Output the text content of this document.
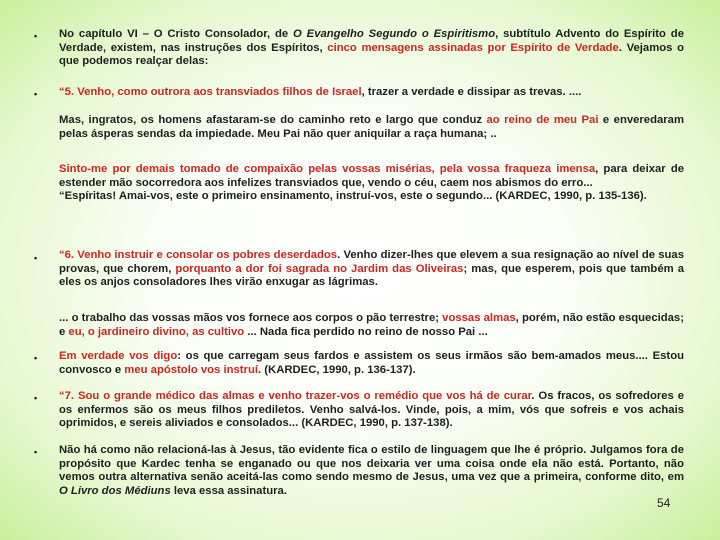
•	No capítulo VI – O Cristo Consolador, de O Evangelho Segundo o Espiritismo, subtítulo Advento do Espírito de Verdade, existem, nas instruções dos Espíritos, cinco mensagens assinadas por Espírito de Verdade. Vejamos o que podemos realçar delas:

•	“5. Venho, como outrora aos transviados filhos de Israel, trazer a verdade e dissipar as trevas. ....

Mas, ingratos, os homens afastaram-se do caminho reto e largo que conduz ao reino de meu Pai e enveredaram pelas ásperas sendas da impiedade. Meu Pai não quer aniquilar a raça humana; ..

Sinto-me por demais tomado de compaixão pelas vossas misérias, pela vossa fraqueza imensa, para deixar de estender mão socorredora aos infelizes transviados que, vendo o céu, caem nos abismos do erro...
“Espíritas! Amai-vos, este o primeiro ensinamento, instruí-vos, este o segundo... (KARDEC, 1990, p. 135-136).

•	“6. Venho instruir e consolar os pobres deserdados. Venho dizer-lhes que elevem a sua resignação ao nível de suas provas, que chorem, porquanto a dor foi sagrada no Jardim das Oliveiras; mas, que esperem, pois que também a eles os anjos consoladores lhes virão enxugar as lágrimas.

... o trabalho das vossas mãos vos fornece aos corpos o pão terrestre; vossas almas, porém, não estão esquecidas; e eu, o jardineiro divino, as cultivo ... Nada fica perdido no reino de nosso Pai ...

•	Em verdade vos digo: os que carregam seus fardos e assistem os seus irmãos são bem-amados meus.... Estou convosco e meu apóstolo vos instruí. (KARDEC, 1990, p. 136-137).

•	“7. Sou o grande médico das almas e venho trazer-vos o remédio que vos há de curar. Os fracos, os sofredores e os enfermos são os meus filhos prediletos. Venho salvá-los. Vinde, pois, a mim, vós que sofreis e vos achais oprimidos, e sereis aliviados e consolados... (KARDEC, 1990, p. 137-138).

•	Não há como não relacioná-las à Jesus, tão evidente fica o estilo de linguagem que lhe é próprio. Julgamos fora de propósito que Kardec tenha se enganado ou que nos deixaria ver uma coisa onde ela não está. Portanto, não vemos outra alternativa senão aceitá-las como sendo mesmo de Jesus, uma vez que a primeira, conforme dito, em O Livro dos Médiuns leva essa assinatura.

54
